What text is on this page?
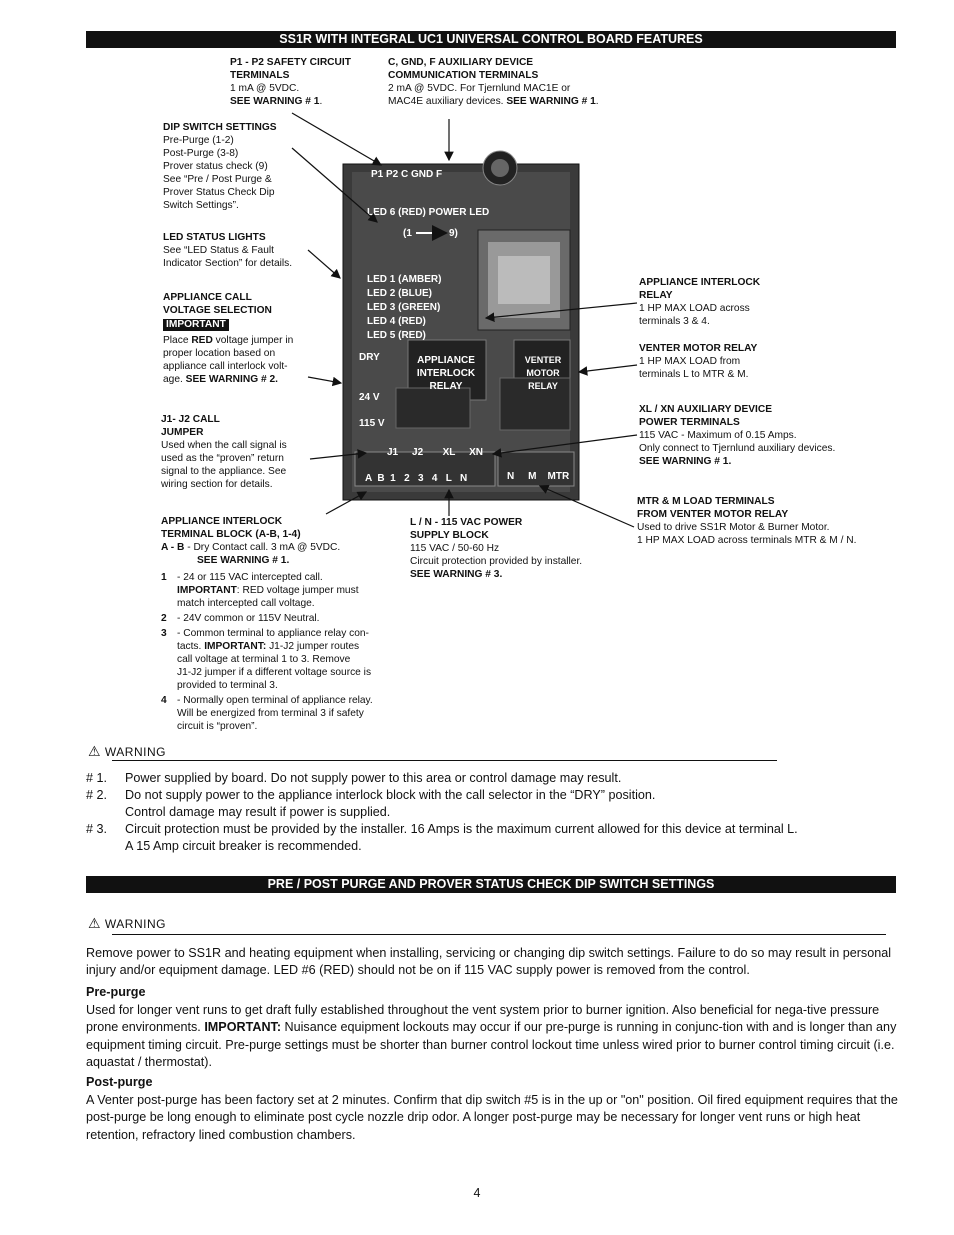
SS1R WITH INTEGRAL UC1 UNIVERSAL CONTROL BOARD FEATURES
P1 P2 C GND F
LED 6 (RED) POWER LED
(1	9)
LED 1 (AMBER)
LED 2 (BLUE)
LED 3 (GREEN)
LED 4 (RED)
LED 5 (RED)
DRY
24 V
115 V
APPLIANCE
INTERLOCK
RELAY
VENTER
MOTOR
RELAY
J1     J2       XL     XN
A  B  1   2   3   4   L   N	N     M    MTR
P1 - P2 SAFETY CIRCUIT
TERMINALS
1 mA @ 5VDC.
SEE WARNING # 1.
C, GND, F AUXILIARY DEVICE
COMMUNICATION TERMINALS
2 mA @ 5VDC. For Tjernlund MAC1E or
MAC4E auxiliary devices. SEE WARNING # 1.
DIP SWITCH SETTINGS
Pre-Purge (1-2)
Post-Purge (3-8)
Prover status check (9)
See “Pre / Post Purge &
Prover Status Check Dip
Switch Settings”.
LED STATUS LIGHTS
See “LED Status & Fault
Indicator Section” for details.
APPLIANCE CALL
VOLTAGE SELECTION
IMPORTANT
Place RED voltage jumper in
proper location based on
appliance call interlock volt-
age. SEE WARNING # 2.
J1- J2 CALL
JUMPER
Used when the call signal is
used as the “proven” return
signal to the appliance. See
wiring section for details.
APPLIANCE INTERLOCK
RELAY
1 HP MAX LOAD across
terminals 3 & 4.
VENTER MOTOR RELAY
1 HP MAX LOAD from
terminals L to MTR & M.
XL / XN AUXILIARY DEVICE
POWER TERMINALS
115 VAC - Maximum of 0.15 Amps.
Only connect to Tjernlund auxiliary devices.
SEE WARNING # 1.
MTR & M LOAD TERMINALS
FROM VENTER MOTOR RELAY
Used to drive SS1R Motor & Burner Motor.
1 HP MAX LOAD across terminals MTR & M / N.
L / N - 115 VAC POWER
SUPPLY BLOCK
115 VAC / 50-60 Hz
Circuit protection provided by installer.
SEE WARNING # 3.
APPLIANCE INTERLOCK
TERMINAL BLOCK (A-B, 1-4)
A - B - Dry Contact call. 3 mA @ 5VDC.
SEE WARNING # 1.
1	- 24 or 115 VAC intercepted call.
IMPORTANT: RED voltage jumper must
match intercepted call voltage.
2	- 24V common or 115V Neutral.
3	- Common terminal to appliance relay con-
tacts. IMPORTANT: J1-J2 jumper routes
call voltage at terminal 1 to 3. Remove
J1-J2 jumper if a different voltage source is
provided to terminal 3.
4	- Normally open terminal of appliance relay.
Will be energized from terminal 3 if safety
circuit is “proven”.
⚠ WARNING
# 1.	Power supplied by board. Do not supply power to this area or control damage may result.
# 2.	Do not supply power to the appliance interlock block with the call selector in the “DRY” position.
Control damage may result if power is supplied.
# 3.	Circuit protection must be provided by the installer. 16 Amps is the maximum current allowed for this device at terminal L.
A 15 Amp circuit breaker is recommended.
PRE / POST PURGE AND PROVER STATUS CHECK DIP SWITCH SETTINGS
⚠ WARNING
Remove power to SS1R and heating equipment when installing, servicing or changing dip switch settings. Failure to do so may result in personal injury and/or equipment damage. LED #6 (RED) should not be on if 115 VAC supply power is removed from the control.
Pre-purge
Used for longer vent runs to get draft fully established throughout the vent system prior to burner ignition. Also beneficial for nega-tive pressure prone environments. IMPORTANT: Nuisance equipment lockouts may occur if our pre-purge is running in conjunc-tion with and is longer than any equipment timing circuit. Pre-purge settings must be shorter than burner control lockout time unless wired prior to burner control timing circuit (i.e. aquastat / thermostat).
Post-purge
A Venter post-purge has been factory set at 2 minutes. Confirm that dip switch #5 is in the up or "on" position. Oil fired equipment requires that the post-purge be long enough to eliminate post cycle nozzle drip odor. A longer post-purge may be necessary for longer vent runs or high heat retention, refractory lined combustion chambers.
4
